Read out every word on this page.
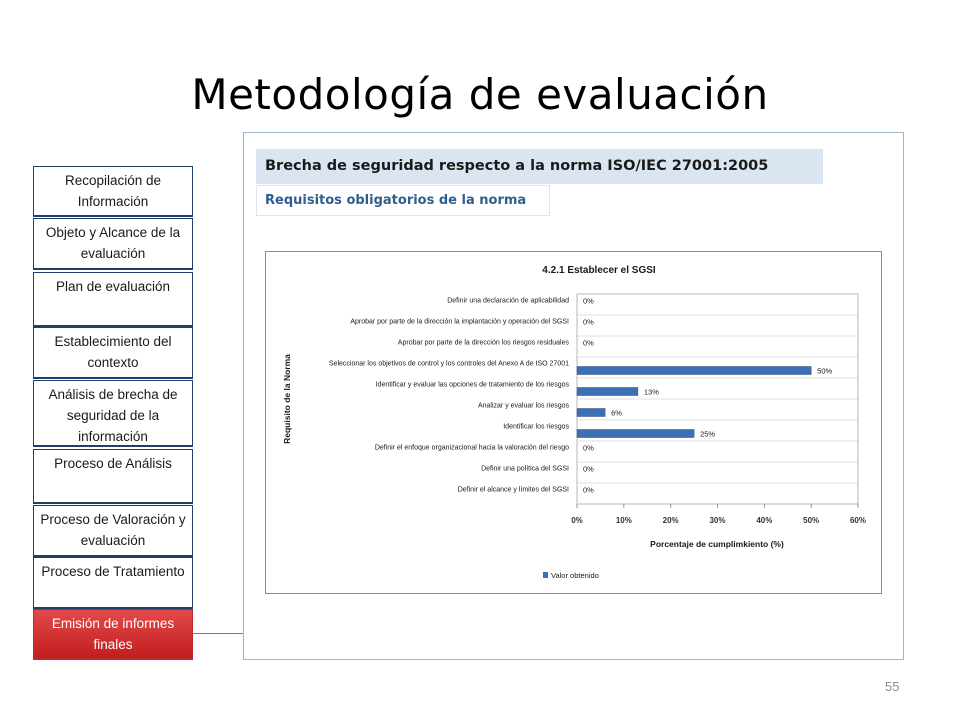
Metodología de evaluación
Recopilación de Información
Objeto y Alcance de la evaluación
Plan de evaluación
Establecimiento del contexto
Análisis de brecha de seguridad de la información
Proceso de Análisis
Proceso de Valoración y evaluación
Proceso de Tratamiento
Emisión de informes finales
Brecha de seguridad respecto a la norma ISO/IEC 27001:2005
Requisitos obligatorios de la norma
4.2.1 Establecer el SGSI
0%	10%	20%	30%	40%	50%	60%
Porcentaje de cumplimkiento (%)
Requisito de la Norma
Definir una declaración de aplicabilidad 0%
Aprobar por parte de la dirección la implantación y operación del SGSI 0%
Aprobar por parte de la dirección los riesgos residuales 0%
Seleccionar los objetivos de control y los controles del Anexo A de ISO 27001
50%
Identificar y evaluar las opciones de tratamiento de los riesgos
13%
Analizar y evaluar los riesgos
6%
Identificar los riesgos
25%
Definir el enfoque organizacional hacia la valoración del riesgo 0%
Definir una política del SGSI 0%
Definir el alcance y límites del SGSI 0%
Valor obtenido
55
